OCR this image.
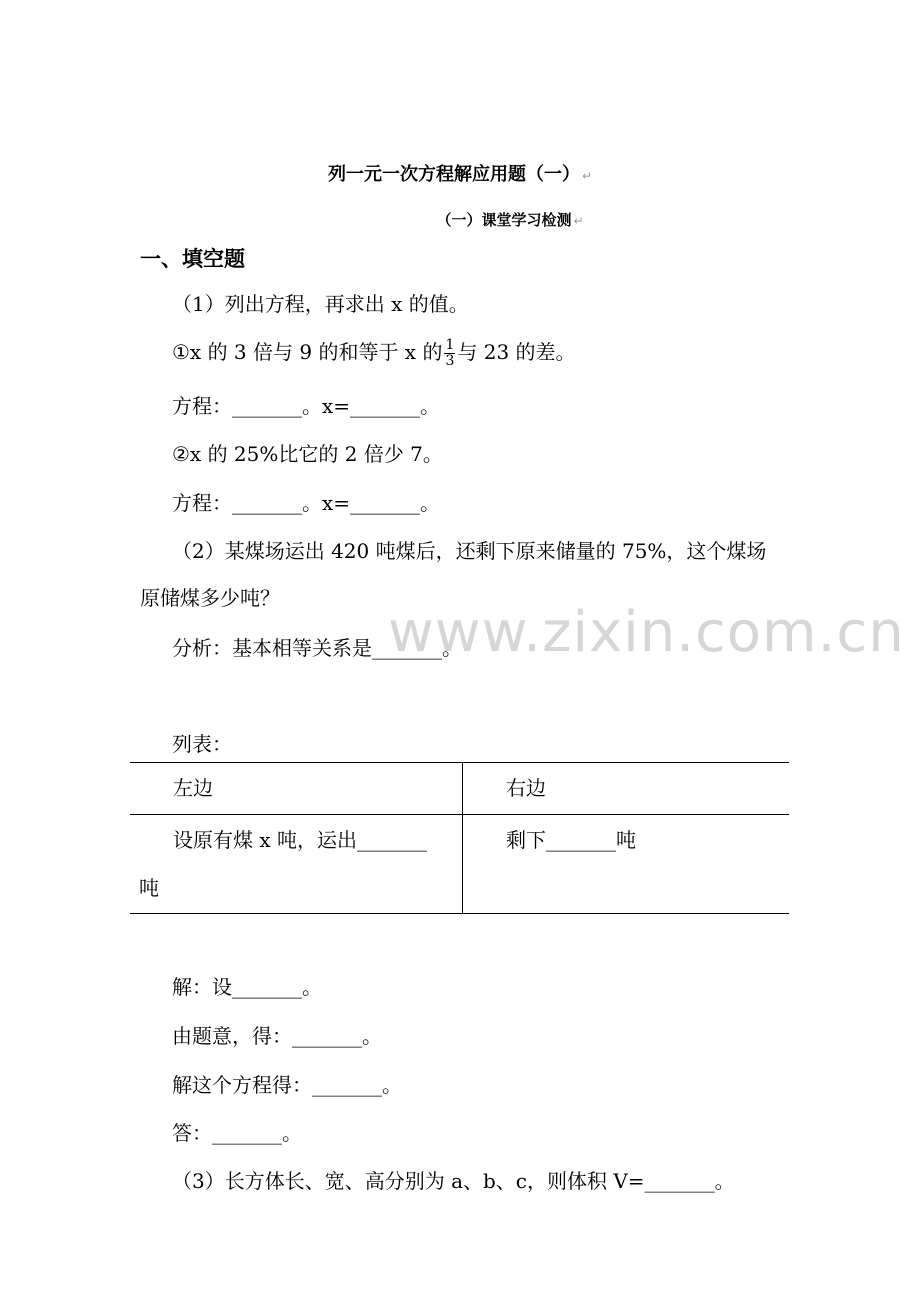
列一元一次方程解应用题（一） ↵
（一）课堂学习检测 ↵
一、填空题
（1）列出方程，再求出 x 的值。
①x 的 3 倍与 9 的和等于 x 的 $\frac{1}{3}$ 与 23 的差。
方程：_______。x=_______。
②x 的 25%比它的 2 倍少 7。
方程：_______。x=_______。
（2）某煤场运出 420 吨煤后，还剩下原来储量的 75%，这个煤场
原储煤多少吨？
分析：基本相等关系是_______。
www.zixin.com.cn
列表：
左边	右边

设原有煤 x 吨，运出_______
吨	剩下_______吨
解：设_______。
由题意，得：_______。
解这个方程得：_______。
答：_______。
（3）长方体长、宽、高分别为 a、b、c，则体积 V=_______。
